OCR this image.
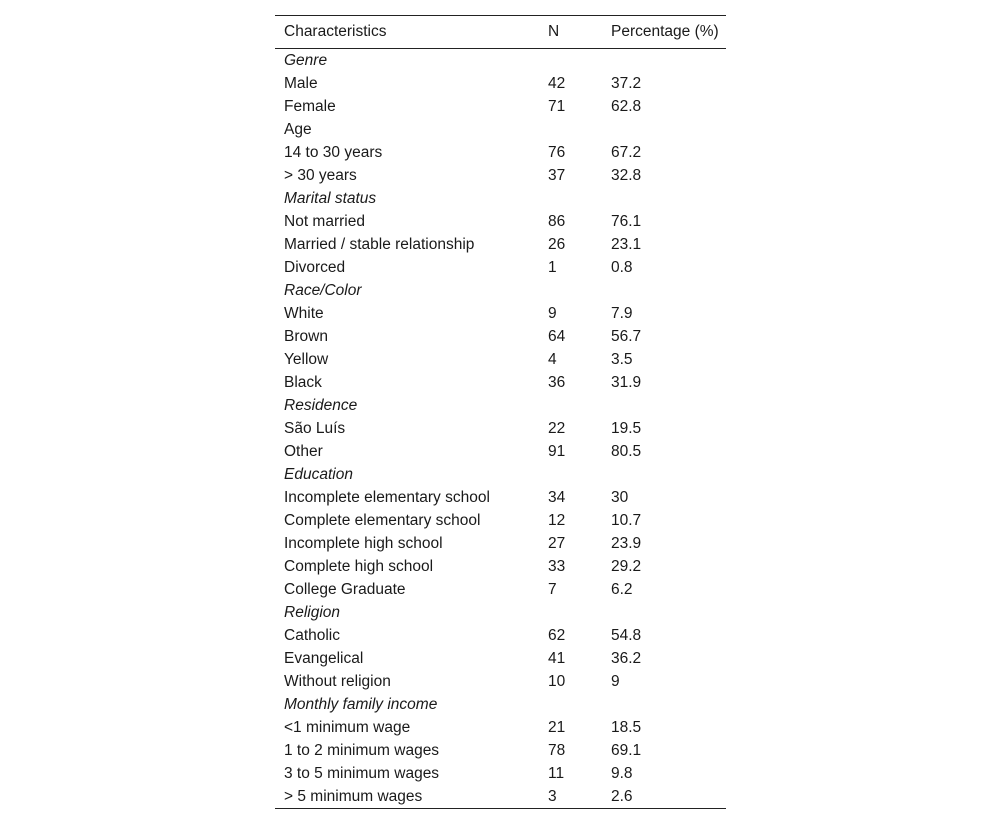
Characteristics	N	Percentage (%)
Genre		
Male	42	37.2
Female	71	62.8
Age		
14 to 30 years	76	67.2
> 30 years	37	32.8
Marital status		
Not married	86	76.1
Married / stable relationship	26	23.1
Divorced	1	0.8
Race/Color		
White	9	7.9
Brown	64	56.7
Yellow	4	3.5
Black	36	31.9
Residence		
São Luís	22	19.5
Other	91	80.5
Education		
Incomplete elementary school	34	30
Complete elementary school	12	10.7
Incomplete high school	27	23.9
Complete high school	33	29.2
College Graduate	7	6.2
Religion		
Catholic	62	54.8
Evangelical	41	36.2
Without religion	10	9
Monthly family income		
<1 minimum wage	21	18.5
1 to 2 minimum wages	78	69.1
3 to 5 minimum wages	11	9.8
> 5 minimum wages	3	2.6
